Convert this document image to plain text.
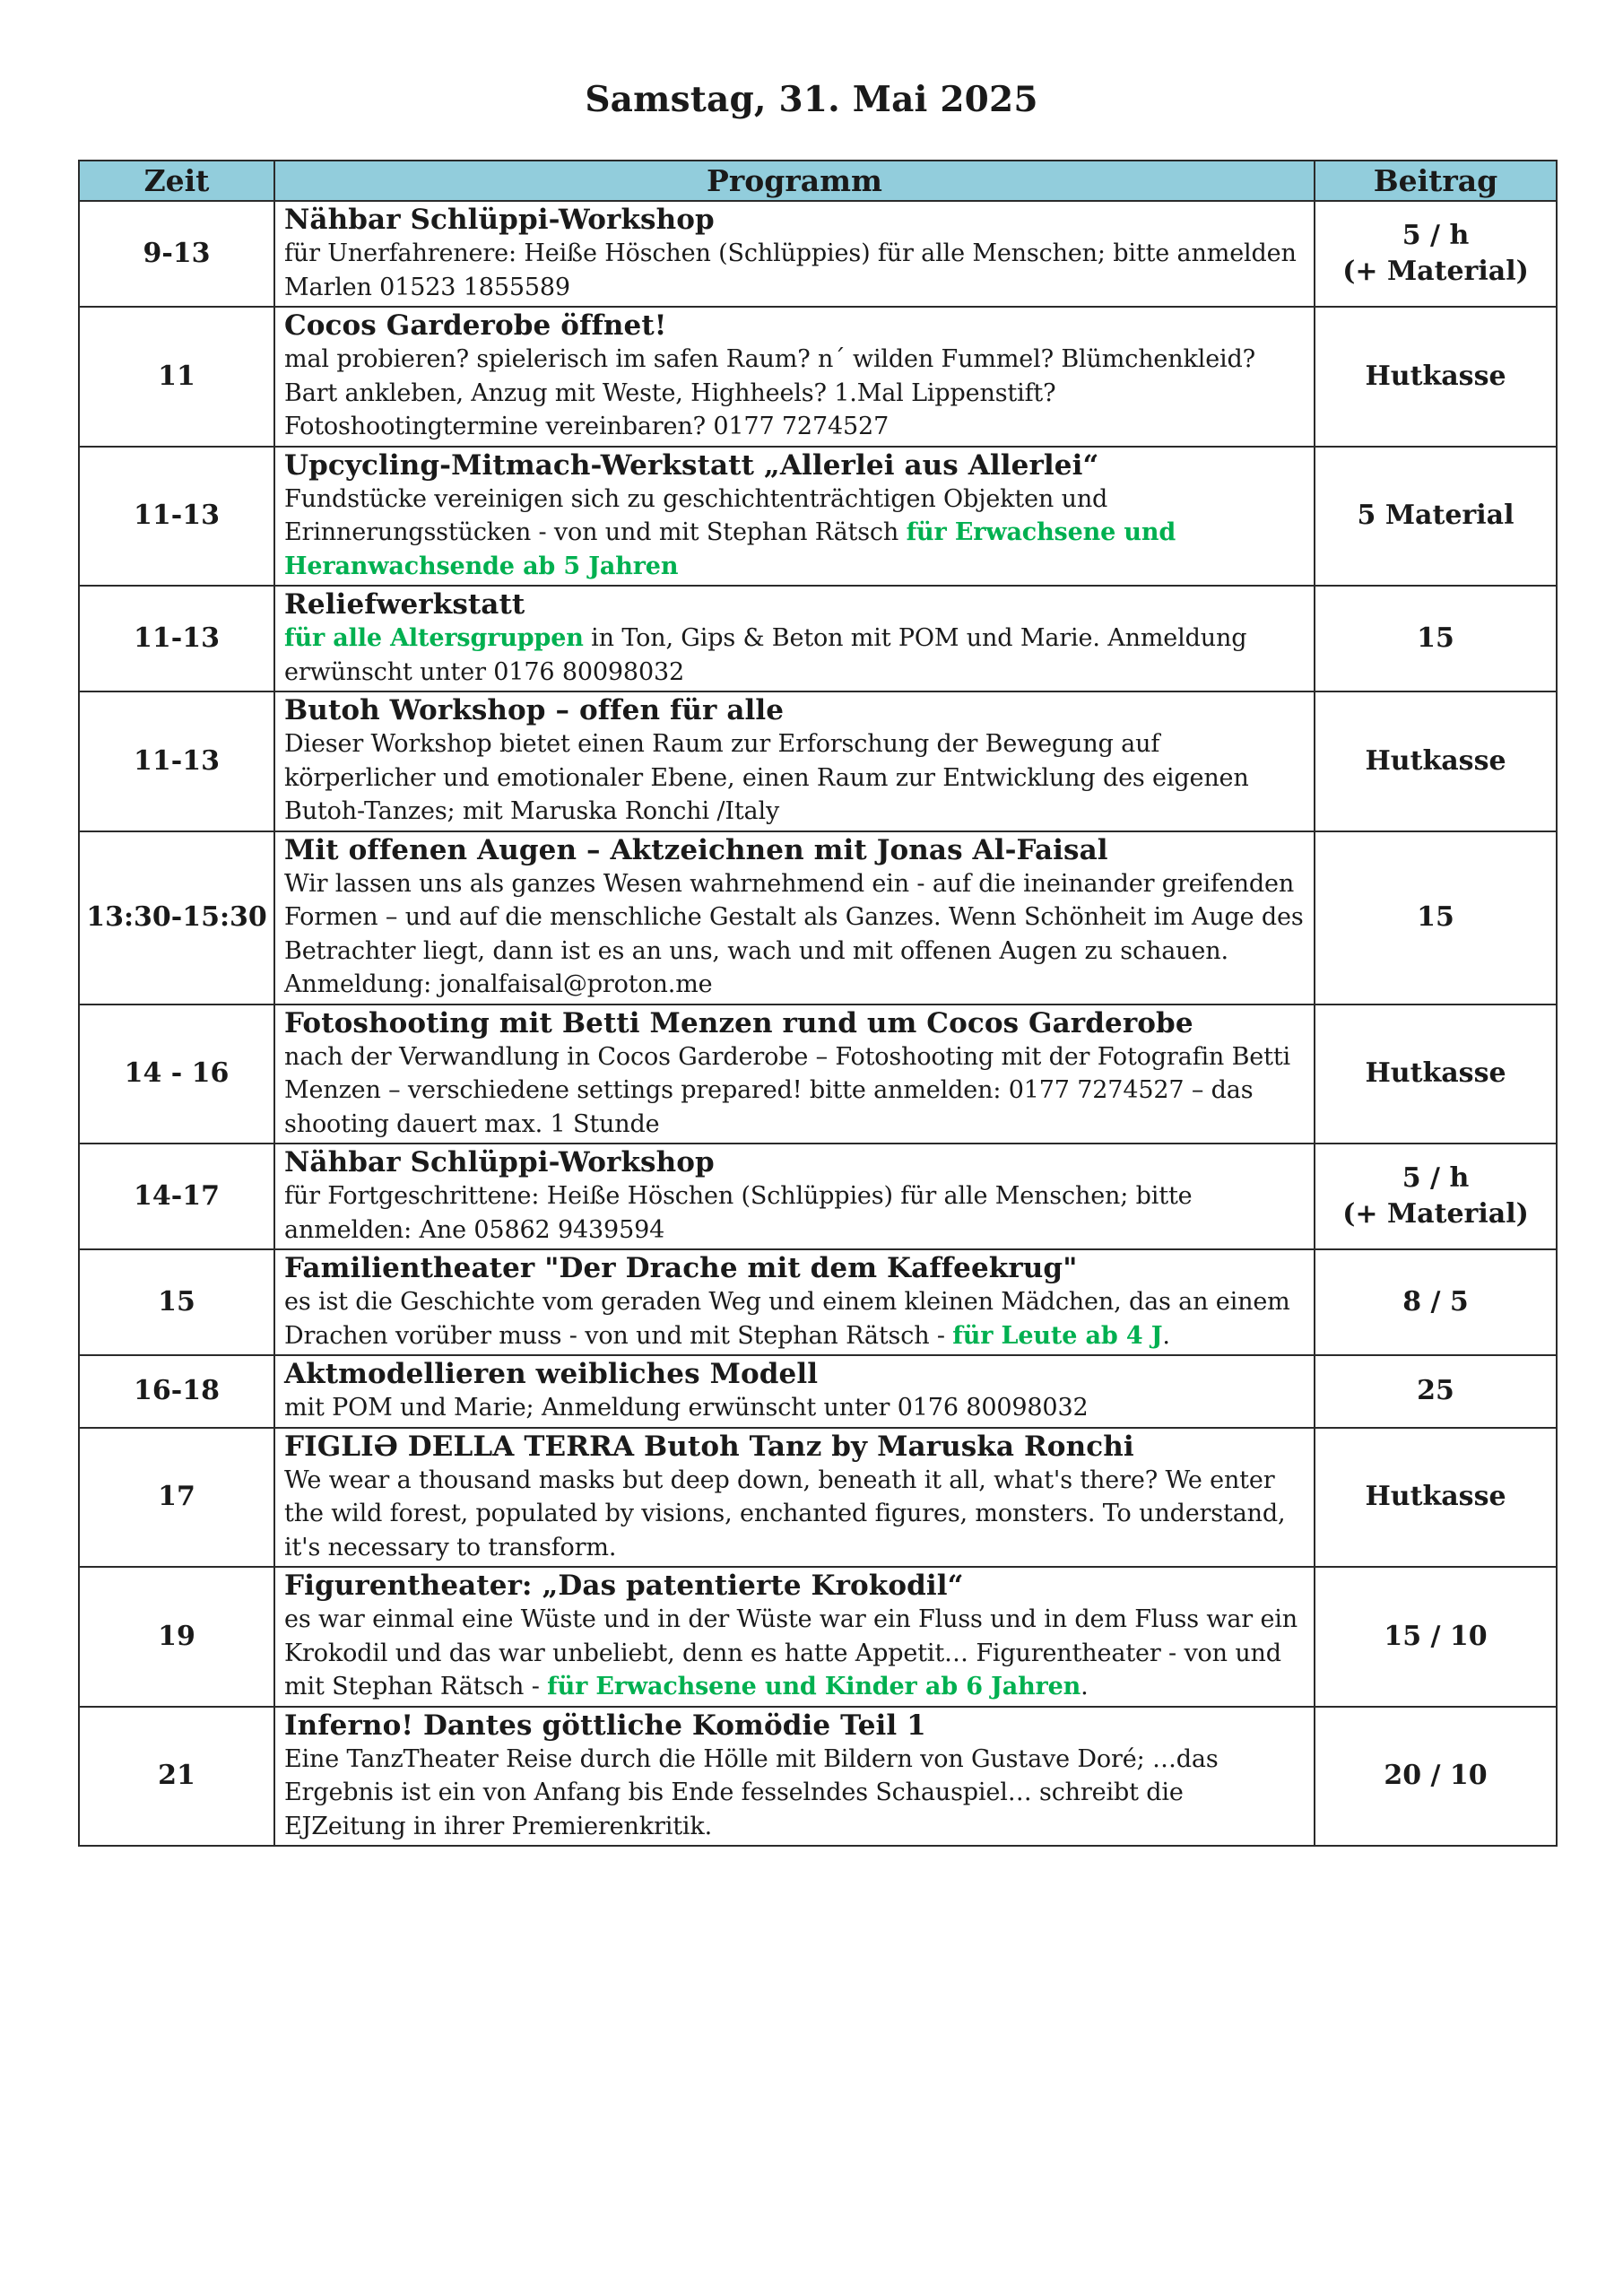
Samstag, 31. Mai 2025
Zeit	Programm	Beitrag
9-13	Nähbar Schlüppi-Workshop
für Unerfahrenere: Heiße Höschen (Schlüppies) für alle Menschen; bitte anmelden Marlen 01523 1855589	5 / h
(+ Material)

11	Cocos Garderobe öffnet!
mal probieren? spielerisch im safen Raum? n´ wilden Fummel? Blümchenkleid? Bart ankleben, Anzug mit Weste, Highheels? 1.Mal Lippenstift? Fotoshootingtermine vereinbaren? 0177 7274527	Hutkasse

11-13	Upcycling-Mitmach-Werkstatt „Allerlei aus Allerlei“
Fundstücke vereinigen sich zu geschichtenträchtigen Objekten und Erinnerungsstücken - von und mit Stephan Rätsch für Erwachsene und Heranwachsende ab 5 Jahren	5 Material

11-13	Reliefwerkstatt
für alle Altersgruppen in Ton, Gips & Beton mit POM und Marie. Anmeldung erwünscht unter 0176 80098032	15

11-13	Butoh Workshop – offen für alle
Dieser Workshop bietet einen Raum zur Erforschung der Bewegung auf körperlicher und emotionaler Ebene, einen Raum zur Entwicklung des eigenen Butoh-Tanzes; mit Maruska Ronchi /Italy	Hutkasse

13:30-15:30	Mit offenen Augen – Aktzeichnen mit Jonas Al-Faisal
Wir lassen uns als ganzes Wesen wahrnehmend ein - auf die ineinander greifenden Formen – und auf die menschliche Gestalt als Ganzes. Wenn Schönheit im Auge des Betrachter liegt, dann ist es an uns, wach und mit offenen Augen zu schauen. Anmeldung: jonalfaisal@proton.me	15

14 - 16	Fotoshooting mit Betti Menzen rund um Cocos Garderobe
nach der Verwandlung in Cocos Garderobe – Fotoshooting mit der Fotografin Betti Menzen – verschiedene settings prepared! bitte anmelden: 0177 7274527 – das shooting dauert max. 1 Stunde	Hutkasse

14-17	Nähbar Schlüppi-Workshop
für Fortgeschrittene: Heiße Höschen (Schlüppies) für alle Menschen; bitte anmelden: Ane 05862 9439594	5 / h
(+ Material)

15	Familientheater "Der Drache mit dem Kaffeekrug"
es ist die Geschichte vom geraden Weg und einem kleinen Mädchen, das an einem Drachen vorüber muss - von und mit Stephan Rätsch - für Leute ab 4 J.	8 / 5

16-18	Aktmodellieren weibliches Modell
mit POM und Marie; Anmeldung erwünscht unter 0176 80098032	25

17	FIGLIƏ DELLA TERRA Butoh Tanz by Maruska Ronchi
We wear a thousand masks but deep down, beneath it all, what's there? We enter the wild forest, populated by visions, enchanted figures, monsters. To understand, it's necessary to transform.	Hutkasse

19	Figurentheater: „Das patentierte Krokodil“
es war einmal eine Wüste und in der Wüste war ein Fluss und in dem Fluss war ein Krokodil und das war unbeliebt, denn es hatte Appetit… Figurentheater - von und mit Stephan Rätsch - für Erwachsene und Kinder ab 6 Jahren.	15 / 10

21	Inferno! Dantes göttliche Komödie Teil 1
Eine TanzTheater Reise durch die Hölle mit Bildern von Gustave Doré; …das Ergebnis ist ein von Anfang bis Ende fesselndes Schauspiel… schreibt die EJZeitung in ihrer Premierenkritik.	20 / 10
